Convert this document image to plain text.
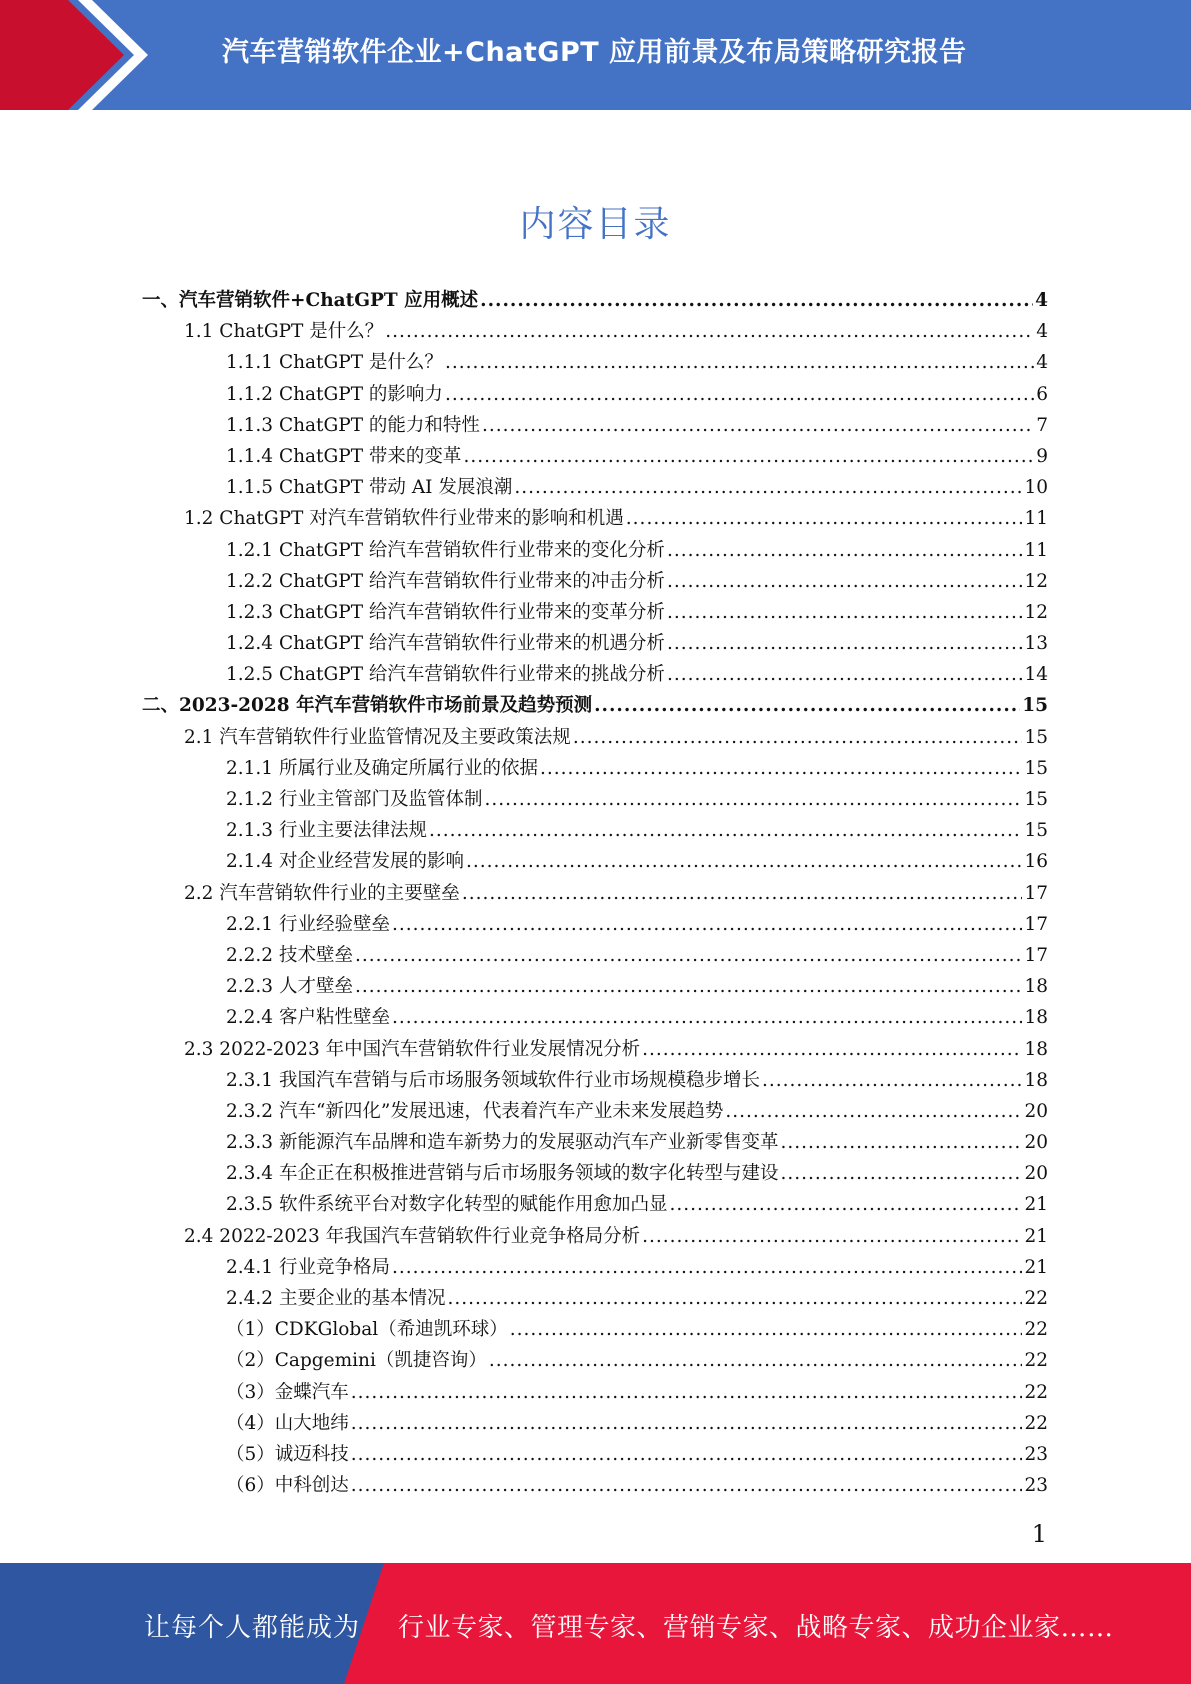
汽车营销软件企业+ChatGPT 应用前景及布局策略研究报告
内容目录
一、汽车营销软件+ChatGPT 应用概述 .....	4
1.1 ChatGPT 是什么？ .....	4
1.1.1 ChatGPT 是什么？ .....	4
1.1.2 ChatGPT 的影响力 .....	6
1.1.3 ChatGPT 的能力和特性 .....	7
1.1.4 ChatGPT 带来的变革 .....	9
1.1.5 ChatGPT 带动 AI 发展浪潮 .....	10
1.2 ChatGPT 对汽车营销软件行业带来的影响和机遇 .....	11
1.2.1 ChatGPT 给汽车营销软件行业带来的变化分析 .....	11
1.2.2 ChatGPT 给汽车营销软件行业带来的冲击分析 .....	12
1.2.3 ChatGPT 给汽车营销软件行业带来的变革分析 .....	12
1.2.4 ChatGPT 给汽车营销软件行业带来的机遇分析 .....	13
1.2.5 ChatGPT 给汽车营销软件行业带来的挑战分析 .....	14
二、2023-2028 年汽车营销软件市场前景及趋势预测 .....	15
2.1 汽车营销软件行业监管情况及主要政策法规 .....	15
2.1.1 所属行业及确定所属行业的依据 .....	15
2.1.2 行业主管部门及监管体制 .....	15
2.1.3 行业主要法律法规 .....	15
2.1.4 对企业经营发展的影响 .....	16
2.2 汽车营销软件行业的主要壁垒 .....	17
2.2.1 行业经验壁垒 .....	17
2.2.2 技术壁垒 .....	17
2.2.3 人才壁垒 .....	18
2.2.4 客户粘性壁垒 .....	18
2.3 2022-2023 年中国汽车营销软件行业发展情况分析 .....	18
2.3.1 我国汽车营销与后市场服务领域软件行业市场规模稳步增长 .....	18
2.3.2 汽车“新四化”发展迅速，代表着汽车产业未来发展趋势 .....	20
2.3.3 新能源汽车品牌和造车新势力的发展驱动汽车产业新零售变革 .....	20
2.3.4 车企正在积极推进营销与后市场服务领域的数字化转型与建设 .....	20
2.3.5 软件系统平台对数字化转型的赋能作用愈加凸显 .....	21
2.4 2022-2023 年我国汽车营销软件行业竞争格局分析 .....	21
2.4.1 行业竞争格局 .....	21
2.4.2 主要企业的基本情况 .....	22
（1）CDKGlobal（希迪凯环球） .....	22
（2）Capgemini（凯捷咨询） .....	22
（3）金蝶汽车 .....	22
（4）山大地纬 .....	22
（5）诚迈科技 .....	23
（6）中科创达 .....	23
1
让每个人都能成为 行业专家、管理专家、营销专家、战略专家、成功企业家……
